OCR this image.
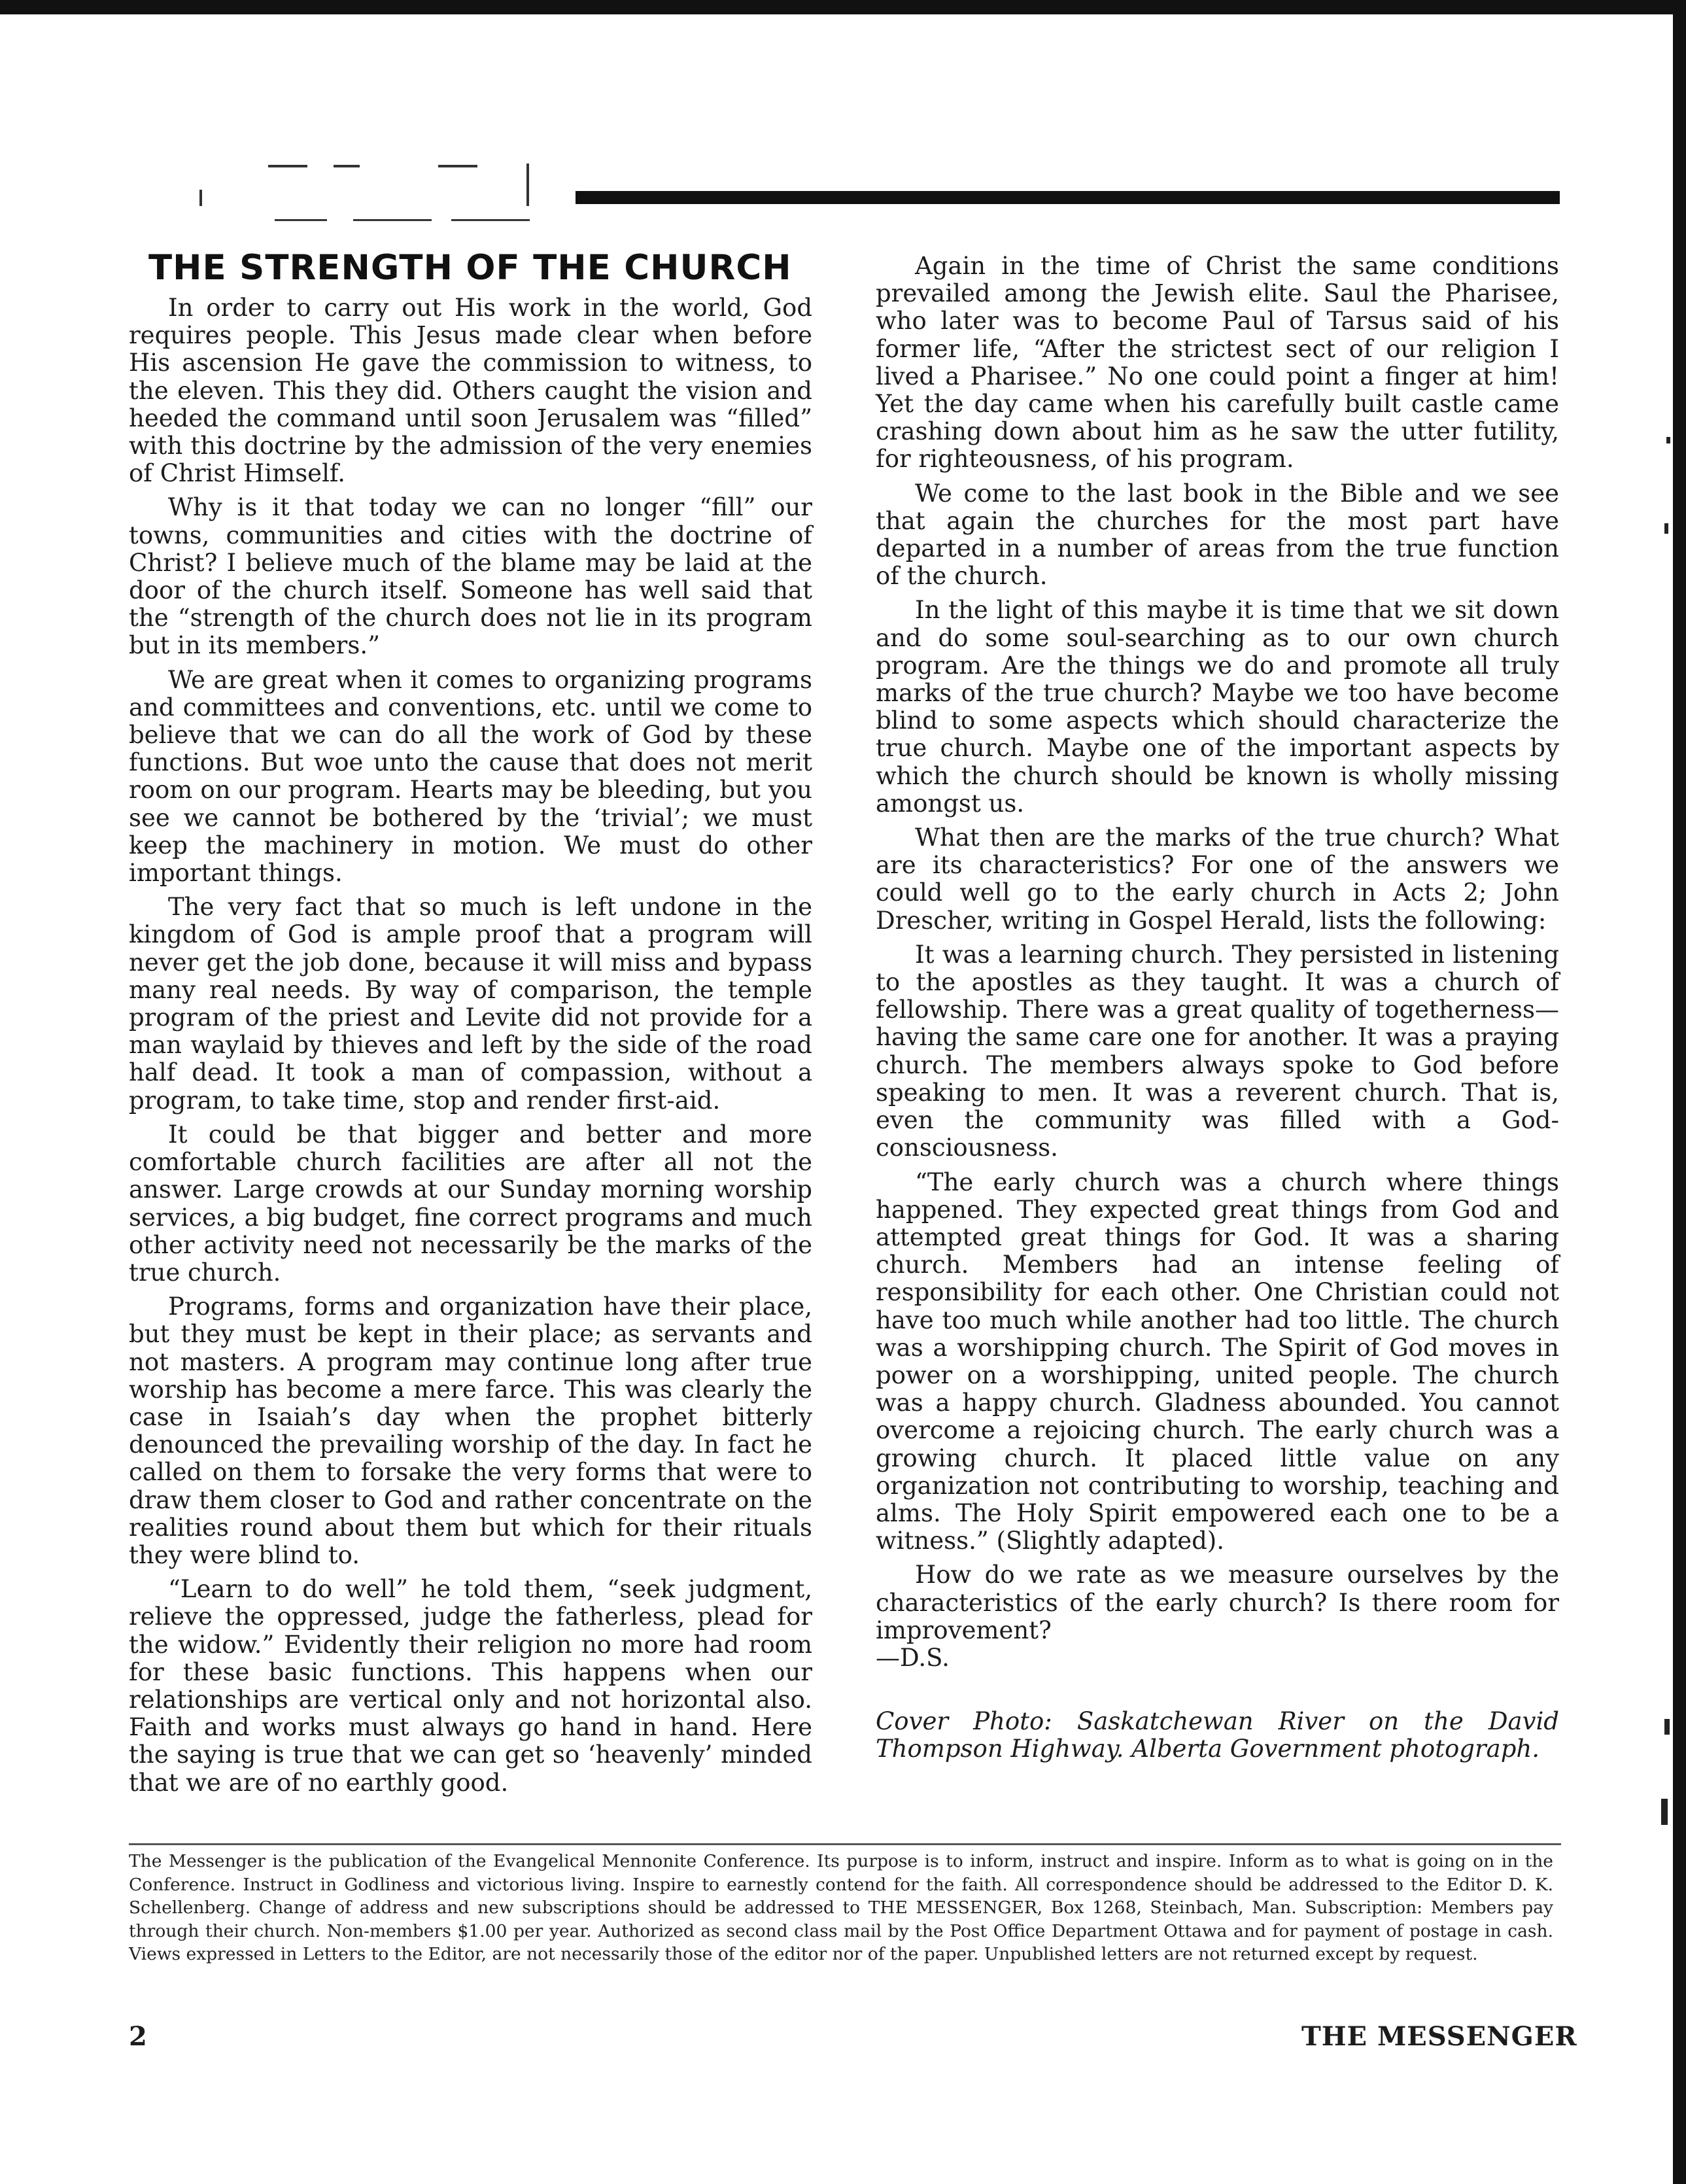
THE STRENGTH OF THE CHURCH

In order to carry out His work in the world, God requires people. This Jesus made clear when before His ascension He gave the commission to witness, to the eleven. This they did. Others caught the vision and heeded the command until soon Jerusalem was “filled” with this doctrine by the admission of the very enemies of Christ Himself.

Why is it that today we can no longer “fill” our towns, communities and cities with the doctrine of Christ? I believe much of the blame may be laid at the door of the church itself. Someone has well said that the “strength of the church does not lie in its program but in its members.”

We are great when it comes to organizing programs and committees and conventions, etc. until we come to believe that we can do all the work of God by these functions. But woe unto the cause that does not merit room on our program. Hearts may be bleeding, but you see we cannot be bothered by the ‘trivial’; we must keep the machinery in motion. We must do other important things.

The very fact that so much is left undone in the kingdom of God is ample proof that a program will never get the job done, because it will miss and bypass many real needs. By way of comparison, the temple program of the priest and Levite did not provide for a man waylaid by thieves and left by the side of the road half dead. It took a man of compassion, without a program, to take time, stop and render first-aid.

It could be that bigger and better and more comfortable church facilities are after all not the answer. Large crowds at our Sunday morning worship services, a big budget, fine correct programs and much other activity need not necessarily be the marks of the true church.

Programs, forms and organization have their place, but they must be kept in their place; as servants and not masters. A program may continue long after true worship has become a mere farce. This was clearly the case in Isaiah’s day when the prophet bitterly denounced the prevailing worship of the day. In fact he called on them to forsake the very forms that were to draw them closer to God and rather concentrate on the realities round about them but which for their rituals they were blind to.

“Learn to do well” he told them, “seek judgment, relieve the oppressed, judge the fatherless, plead for the widow.” Evidently their religion no more had room for these basic functions. This happens when our relationships are vertical only and not horizontal also. Faith and works must always go hand in hand. Here the saying is true that we can get so ‘heavenly’ minded that we are of no earthly good.

Again in the time of Christ the same conditions prevailed among the Jewish elite. Saul the Pharisee, who later was to become Paul of Tarsus said of his former life, “After the strictest sect of our religion I lived a Pharisee.” No one could point a finger at him! Yet the day came when his carefully built castle came crashing down about him as he saw the utter futility, for righteousness, of his program.

We come to the last book in the Bible and we see that again the churches for the most part have departed in a number of areas from the true function of the church.

In the light of this maybe it is time that we sit down and do some soul-searching as to our own church program. Are the things we do and promote all truly marks of the true church? Maybe we too have become blind to some aspects which should characterize the true church. Maybe one of the important aspects by which the church should be known is wholly missing amongst us.

What then are the marks of the true church? What are its characteristics? For one of the answers we could well go to the early church in Acts 2; John Drescher, writing in Gospel Herald, lists the following:

It was a learning church. They persisted in listening to the apostles as they taught. It was a church of fellowship. There was a great quality of togetherness—having the same care one for another. It was a praying church. The members always spoke to God before speaking to men. It was a reverent church. That is, even the community was filled with a God-consciousness.

“The early church was a church where things happened. They expected great things from God and attempted great things for God. It was a sharing church. Members had an intense feeling of responsibility for each other. One Christian could not have too much while another had too little. The church was a worshipping church. The Spirit of God moves in power on a worshipping, united people. The church was a happy church. Gladness abounded. You cannot overcome a rejoicing church. The early church was a growing church. It placed little value on any organization not contributing to worship, teaching and alms. The Holy Spirit empowered each one to be a witness.” (Slightly adapted).

How do we rate as we measure ourselves by the characteristics of the early church? Is there room for improvement?

—D.S.

Cover Photo: Saskatchewan River on the David Thompson Highway. Alberta Government photograph.

The Messenger is the publication of the Evangelical Mennonite Conference. Its purpose is to inform, instruct and inspire. Inform as to what is going on in the Conference. Instruct in Godliness and victorious living. Inspire to earnestly contend for the faith. All correspondence should be addressed to the Editor D. K. Schellenberg. Change of address and new subscriptions should be addressed to THE MESSENGER, Box 1268, Steinbach, Man. Subscription: Members pay through their church. Non-members $1.00 per year. Authorized as second class mail by the Post Office Department Ottawa and for payment of postage in cash. Views expressed in Letters to the Editor, are not necessarily those of the editor nor of the paper. Unpublished letters are not returned except by request.
2	THE MESSENGER
